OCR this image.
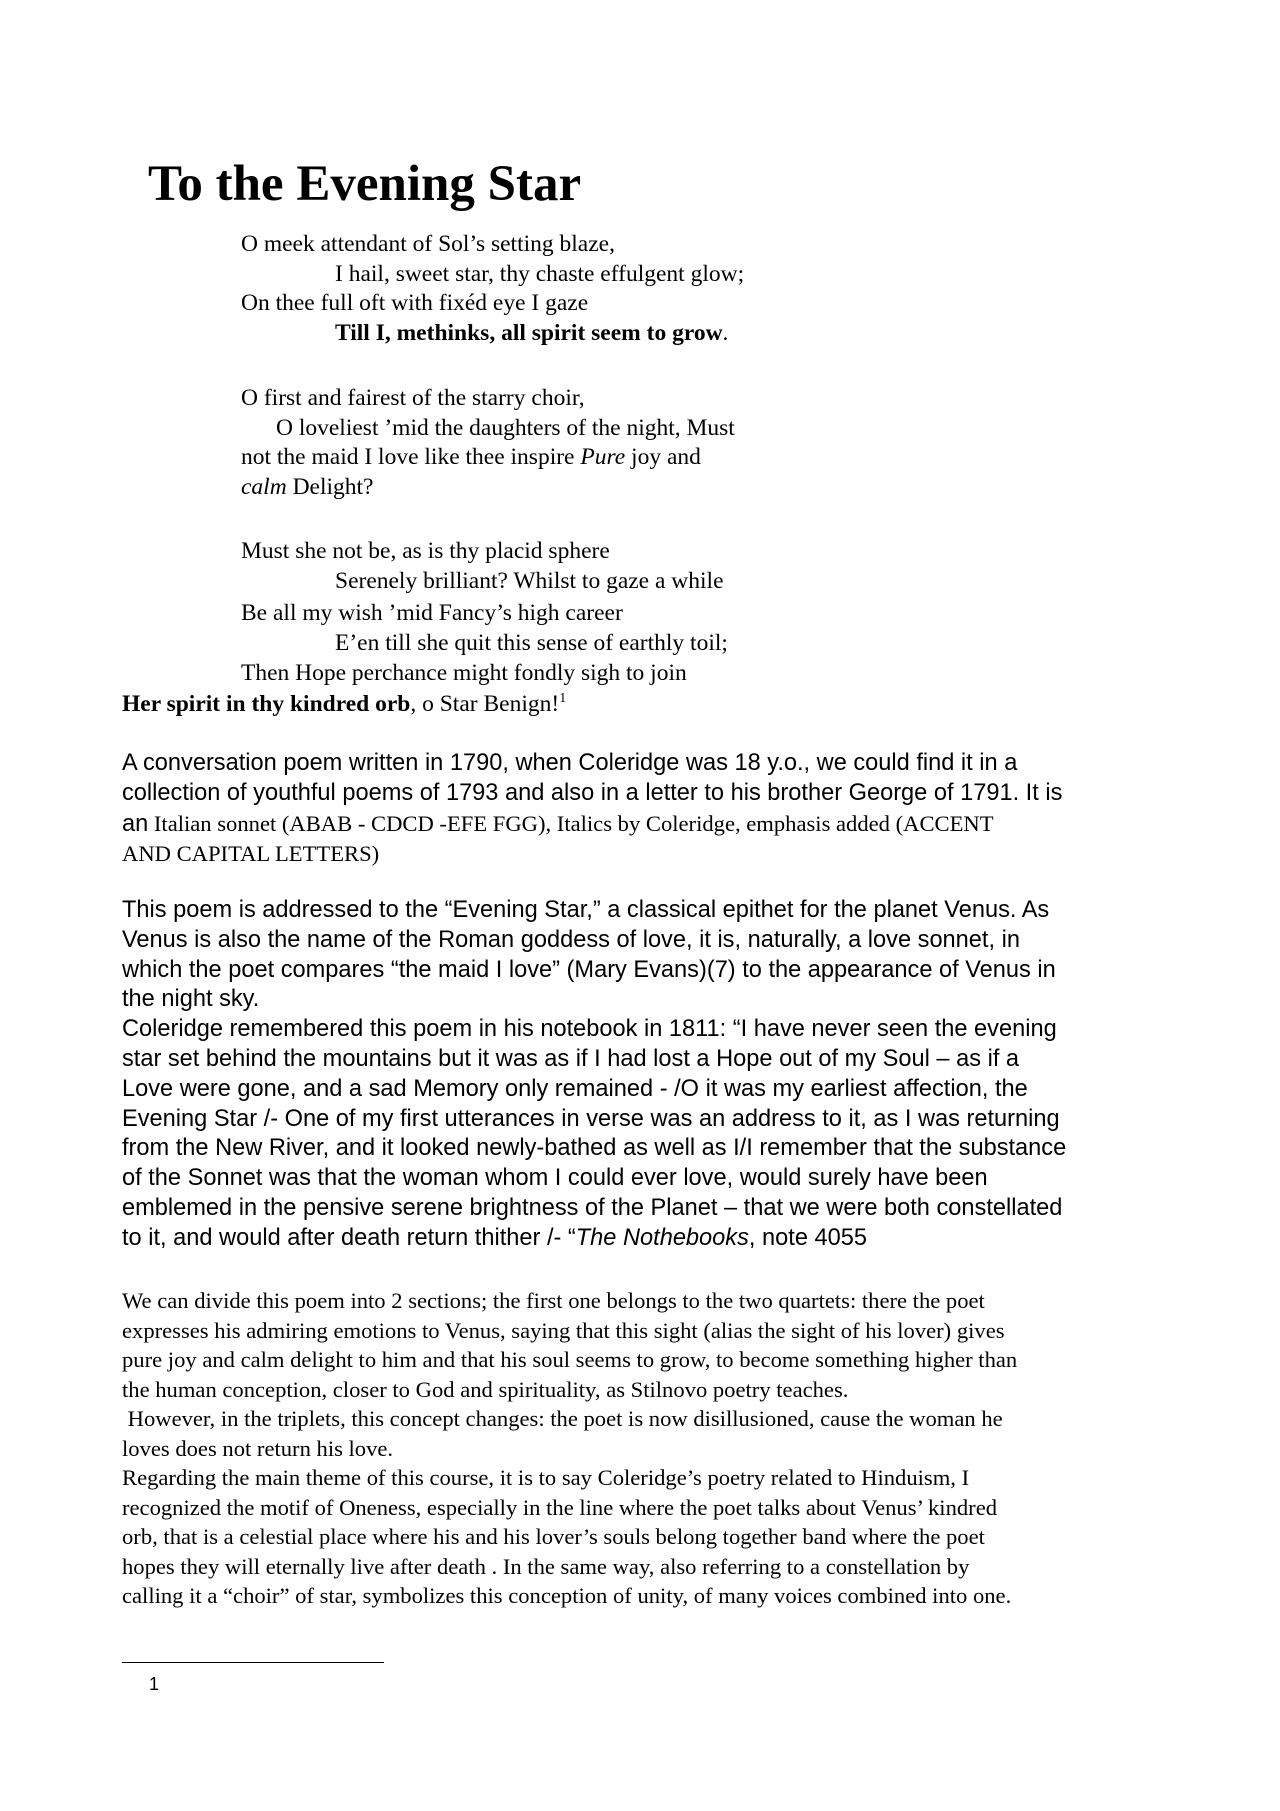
To the Evening Star
O meek attendant of Sol’s setting blaze,
I hail, sweet star, thy chaste effulgent glow;
On thee full oft with fixéd eye I gaze
Till I, methinks, all spirit seem to grow.
O first and fairest of the starry choir,
O loveliest ’mid the daughters of the night, Must
not the maid I love like thee inspire Pure joy and
calm Delight?
Must she not be, as is thy placid sphere
Serenely brilliant? Whilst to gaze a while
Be all my wish ’mid Fancy’s high career
E’en till she quit this sense of earthly toil;
Then Hope perchance might fondly sigh to join
Her spirit in thy kindred orb, o Star Benign!$^1$
A conversation poem written in 1790, when Coleridge was 18 y.o., we could find it in a
collection of youthful poems of 1793 and also in a letter to his brother George of 1791. It is
an Italian sonnet (ABAB - CDCD -EFE FGG), Italics by Coleridge, emphasis added (ACCENT
AND CAPITAL LETTERS)
This poem is addressed to the “Evening Star,” a classical epithet for the planet Venus. As
Venus is also the name of the Roman goddess of love, it is, naturally, a love sonnet, in
which the poet compares “the maid I love” (Mary Evans)(7) to the appearance of Venus in
the night sky.
Coleridge remembered this poem in his notebook in 1811: “I have never seen the evening
star set behind the mountains but it was as if I had lost a Hope out of my Soul – as if a
Love were gone, and a sad Memory only remained - /O it was my earliest affection, the
Evening Star /- One of my first utterances in verse was an address to it, as I was returning
from the New River, and it looked newly-bathed as well as I/I remember that the substance
of the Sonnet was that the woman whom I could ever love, would surely have been
emblemed in the pensive serene brightness of the Planet – that we were both constellated
to it, and would after death return thither /- “The Nothebooks, note 4055
We can divide this poem into 2 sections; the first one belongs to the two quartets: there the poet
expresses his admiring emotions to Venus, saying that this sight (alias the sight of his lover) gives
pure joy and calm delight to him and that his soul seems to grow, to become something higher than
the human conception, closer to God and spirituality, as Stilnovo poetry teaches.
However, in the triplets, this concept changes: the poet is now disillusioned, cause the woman he
loves does not return his love.
Regarding the main theme of this course, it is to say Coleridge’s poetry related to Hinduism, I
recognized the motif of Oneness, especially in the line where the poet talks about Venus’ kindred
orb, that is a celestial place where his and his lover’s souls belong together band where the poet
hopes they will eternally live after death . In the same way, also referring to a constellation by
calling it a “choir” of star, symbolizes this conception of unity, of many voices combined into one.
1
